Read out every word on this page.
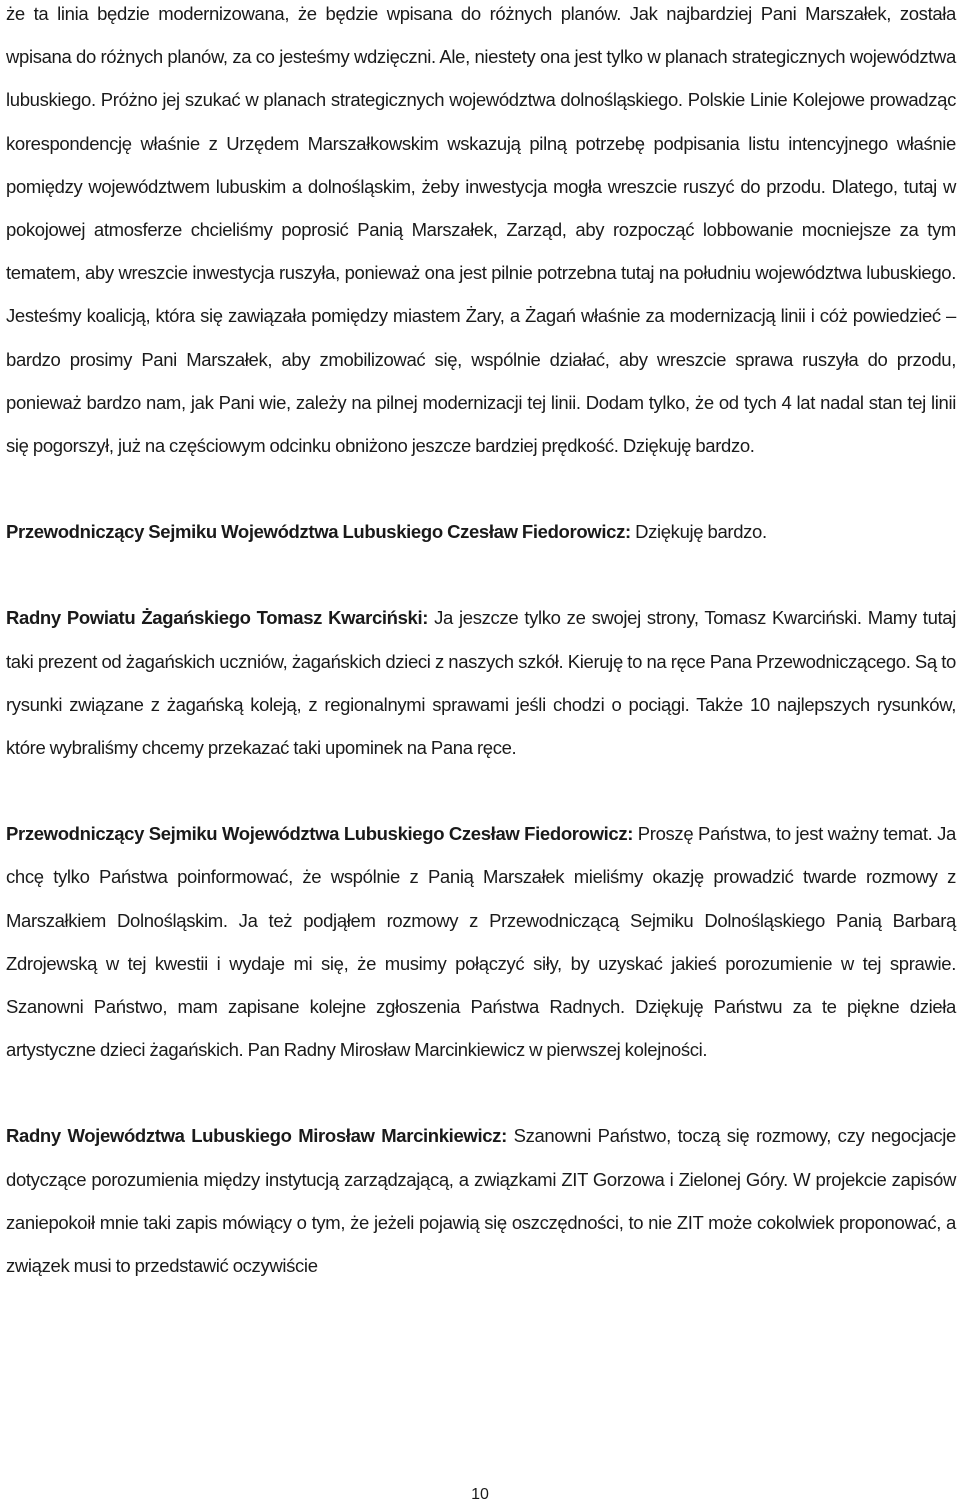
że ta linia będzie modernizowana, że będzie wpisana do różnych planów. Jak najbardziej Pani Marszałek, została wpisana do różnych planów, za co jesteśmy wdzięczni. Ale, niestety ona jest tylko w planach strategicznych województwa lubuskiego. Próżno jej szukać w planach strategicznych województwa dolnośląskiego. Polskie Linie Kolejowe prowadząc korespondencję właśnie z Urzędem Marszałkowskim wskazują pilną potrzebę podpisania listu intencyjnego właśnie pomiędzy województwem lubuskim a dolnośląskim, żeby inwestycja mogła wreszcie ruszyć do przodu. Dlatego, tutaj w pokojowej atmosferze chcieliśmy poprosić Panią Marszałek, Zarząd, aby rozpocząć lobbowanie mocniejsze za tym tematem, aby wreszcie inwestycja ruszyła, ponieważ ona jest pilnie potrzebna tutaj na południu województwa lubuskiego. Jesteśmy koalicją, która się zawiązała pomiędzy miastem Żary, a Żagań właśnie za modernizacją linii i cóż powiedzieć – bardzo prosimy Pani Marszałek, aby zmobilizować się, wspólnie działać, aby wreszcie sprawa ruszyła do przodu, ponieważ bardzo nam, jak Pani wie, zależy na pilnej modernizacji tej linii. Dodam tylko, że od tych 4 lat nadal stan tej linii się pogorszył, już na częściowym odcinku obniżono jeszcze bardziej prędkość. Dziękuję bardzo.

Przewodniczący Sejmiku Województwa Lubuskiego Czesław Fiedorowicz: Dziękuję bardzo.

Radny Powiatu Żagańskiego Tomasz Kwarciński: Ja jeszcze tylko ze swojej strony, Tomasz Kwarciński. Mamy tutaj taki prezent od żagańskich uczniów, żagańskich dzieci z naszych szkół. Kieruję to na ręce Pana Przewodniczącego. Są to rysunki związane z żagańską koleją, z regionalnymi sprawami jeśli chodzi o pociągi. Także 10 najlepszych rysunków, które wybraliśmy chcemy przekazać taki upominek na Pana ręce.

Przewodniczący Sejmiku Województwa Lubuskiego Czesław Fiedorowicz: Proszę Państwa, to jest ważny temat. Ja chcę tylko Państwa poinformować, że wspólnie z Panią Marszałek mieliśmy okazję prowadzić twarde rozmowy z Marszałkiem Dolnośląskim. Ja też podjąłem rozmowy z Przewodniczącą Sejmiku Dolnośląskiego Panią Barbarą Zdrojewską w tej kwestii i wydaje mi się, że musimy połączyć siły, by uzyskać jakieś porozumienie w tej sprawie. Szanowni Państwo, mam zapisane kolejne zgłoszenia Państwa Radnych. Dziękuję Państwu za te piękne dzieła artystyczne dzieci żagańskich. Pan Radny Mirosław Marcinkiewicz w pierwszej kolejności.

Radny Województwa Lubuskiego Mirosław Marcinkiewicz: Szanowni Państwo, toczą się rozmowy, czy negocjacje dotyczące porozumienia między instytucją zarządzającą, a związkami ZIT Gorzowa i Zielonej Góry. W projekcie zapisów zaniepokoił mnie taki zapis mówiący o tym, że jeżeli pojawią się oszczędności, to nie ZIT może cokolwiek proponować, a związek musi to przedstawić oczywiście

10
